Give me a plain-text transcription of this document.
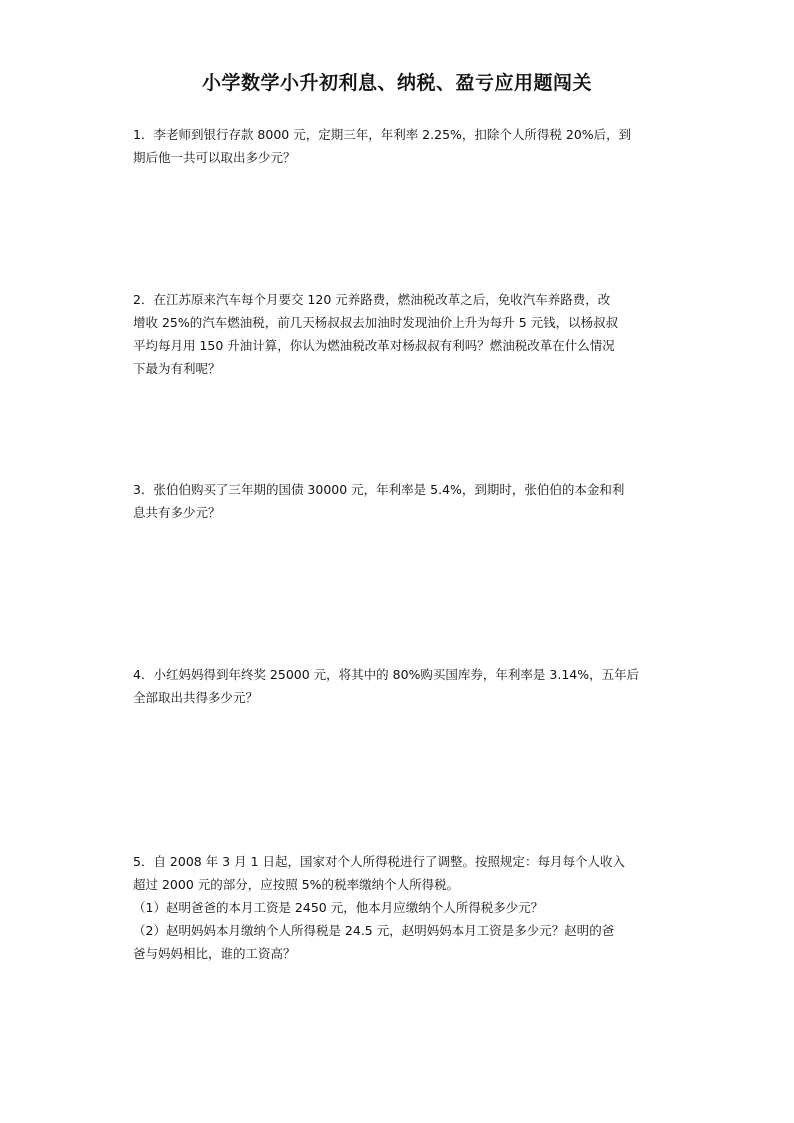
小学数学小升初利息、纳税、盈亏应用题闯关
1．李老师到银行存款 8000 元，定期三年，年利率 2.25%，扣除个人所得税 20%后，到
期后他一共可以取出多少元？
2．在江苏原来汽车每个月要交 120 元养路费，燃油税改革之后，免收汽车养路费，改
增收 25%的汽车燃油税，前几天杨叔叔去加油时发现油价上升为每升 5 元钱，以杨叔叔
平均每月用 150 升油计算，你认为燃油税改革对杨叔叔有利吗？燃油税改革在什么情况
下最为有利呢？
3．张伯伯购买了三年期的国债 30000 元，年利率是 5.4%，到期时，张伯伯的本金和利
息共有多少元？
4．小红妈妈得到年终奖 25000 元，将其中的 80%购买国库券，年利率是 3.14%，五年后
全部取出共得多少元？
5．自 2008 年 3 月 1 日起，国家对个人所得税进行了调整。按照规定：每月每个人收入
超过 2000 元的部分，应按照 5%的税率缴纳个人所得税。
（1）赵明爸爸的本月工资是 2450 元，他本月应缴纳个人所得税多少元？
（2）赵明妈妈本月缴纳个人所得税是 24.5 元，赵明妈妈本月工资是多少元？赵明的爸
爸与妈妈相比，谁的工资高？
